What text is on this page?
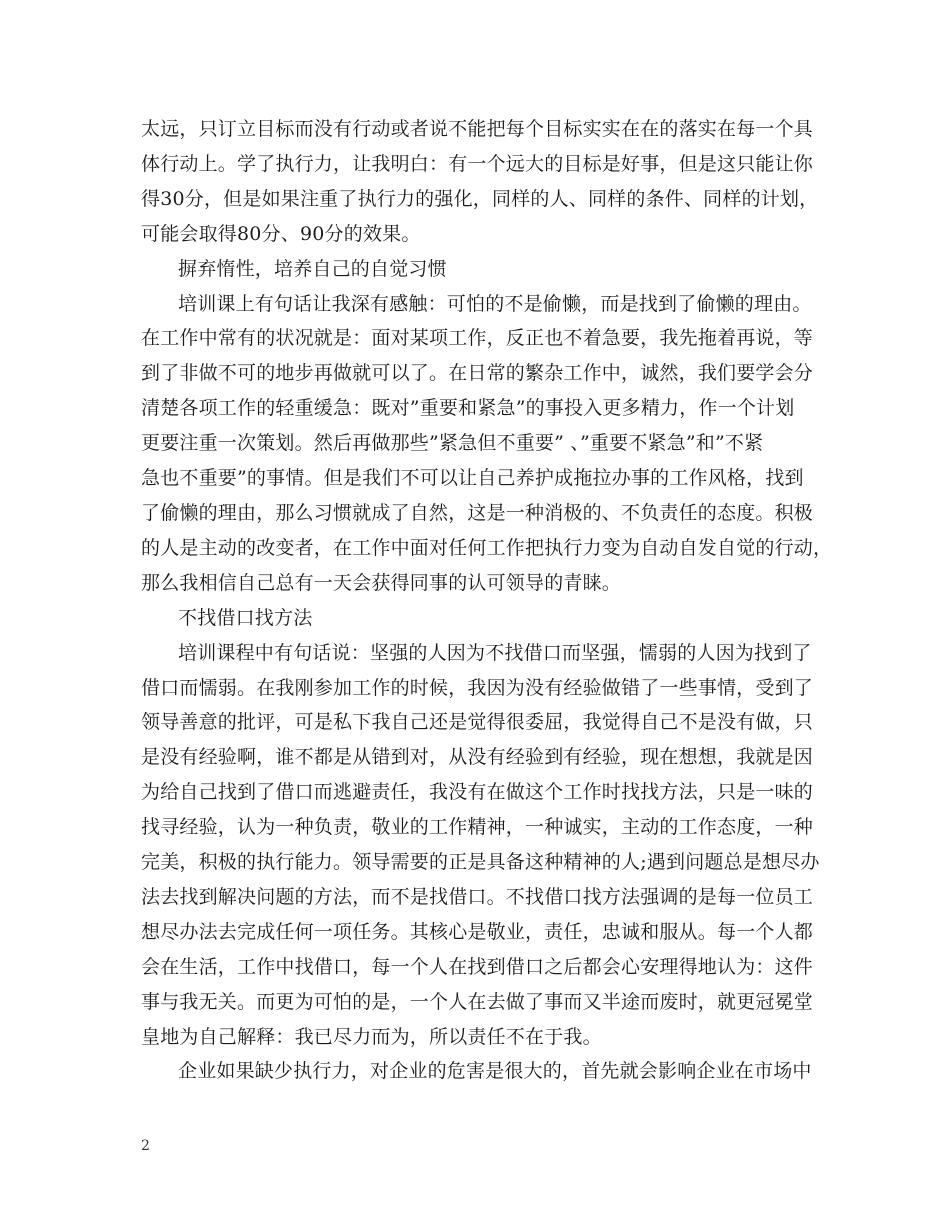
太远，只订立目标而没有行动或者说不能把每个目标实实在在的落实在每一个具
体行动上。学了执行力，让我明白：有一个远大的目标是好事，但是这只能让你
得30分，但是如果注重了执行力的强化，同样的人、同样的条件、同样的计划，
可能会取得80分、90分的效果。
摒弃惰性，培养自己的自觉习惯
培训课上有句话让我深有感触：可怕的不是偷懒，而是找到了偷懒的理由。
在工作中常有的状况就是：面对某项工作，反正也不着急要，我先拖着再说，等
到了非做不可的地步再做就可以了。在日常的繁杂工作中，诚然，我们要学会分
清楚各项工作的轻重缓急：既对”重要和紧急”的事投入更多精力，作一个计划
更要注重一次策划。然后再做那些”紧急但不重要” 、”重要不紧急”和”不紧
急也不重要”的事情。但是我们不可以让自己养护成拖拉办事的工作风格，找到
了偷懒的理由，那么习惯就成了自然，这是一种消极的、不负责任的态度。积极
的人是主动的改变者，在工作中面对任何工作把执行力变为自动自发自觉的行动，
那么我相信自己总有一天会获得同事的认可领导的青睐。
不找借口找方法
培训课程中有句话说：坚强的人因为不找借口而坚强，懦弱的人因为找到了
借口而懦弱。在我刚参加工作的时候，我因为没有经验做错了一些事情，受到了
领导善意的批评，可是私下我自己还是觉得很委屈，我觉得自己不是没有做，只
是没有经验啊，谁不都是从错到对，从没有经验到有经验，现在想想，我就是因
为给自己找到了借口而逃避责任，我没有在做这个工作时找找方法，只是一味的
找寻经验，认为一种负责，敬业的工作精神，一种诚实，主动的工作态度，一种
完美，积极的执行能力。领导需要的正是具备这种精神的人;遇到问题总是想尽办
法去找到解决问题的方法，而不是找借口。不找借口找方法强调的是每一位员工
想尽办法去完成任何一项任务。其核心是敬业，责任，忠诚和服从。每一个人都
会在生活，工作中找借口，每一个人在找到借口之后都会心安理得地认为：这件
事与我无关。而更为可怕的是，一个人在去做了事而又半途而废时，就更冠冕堂
皇地为自己解释：我已尽力而为，所以责任不在于我。
企业如果缺少执行力，对企业的危害是很大的，首先就会影响企业在市场中
2
